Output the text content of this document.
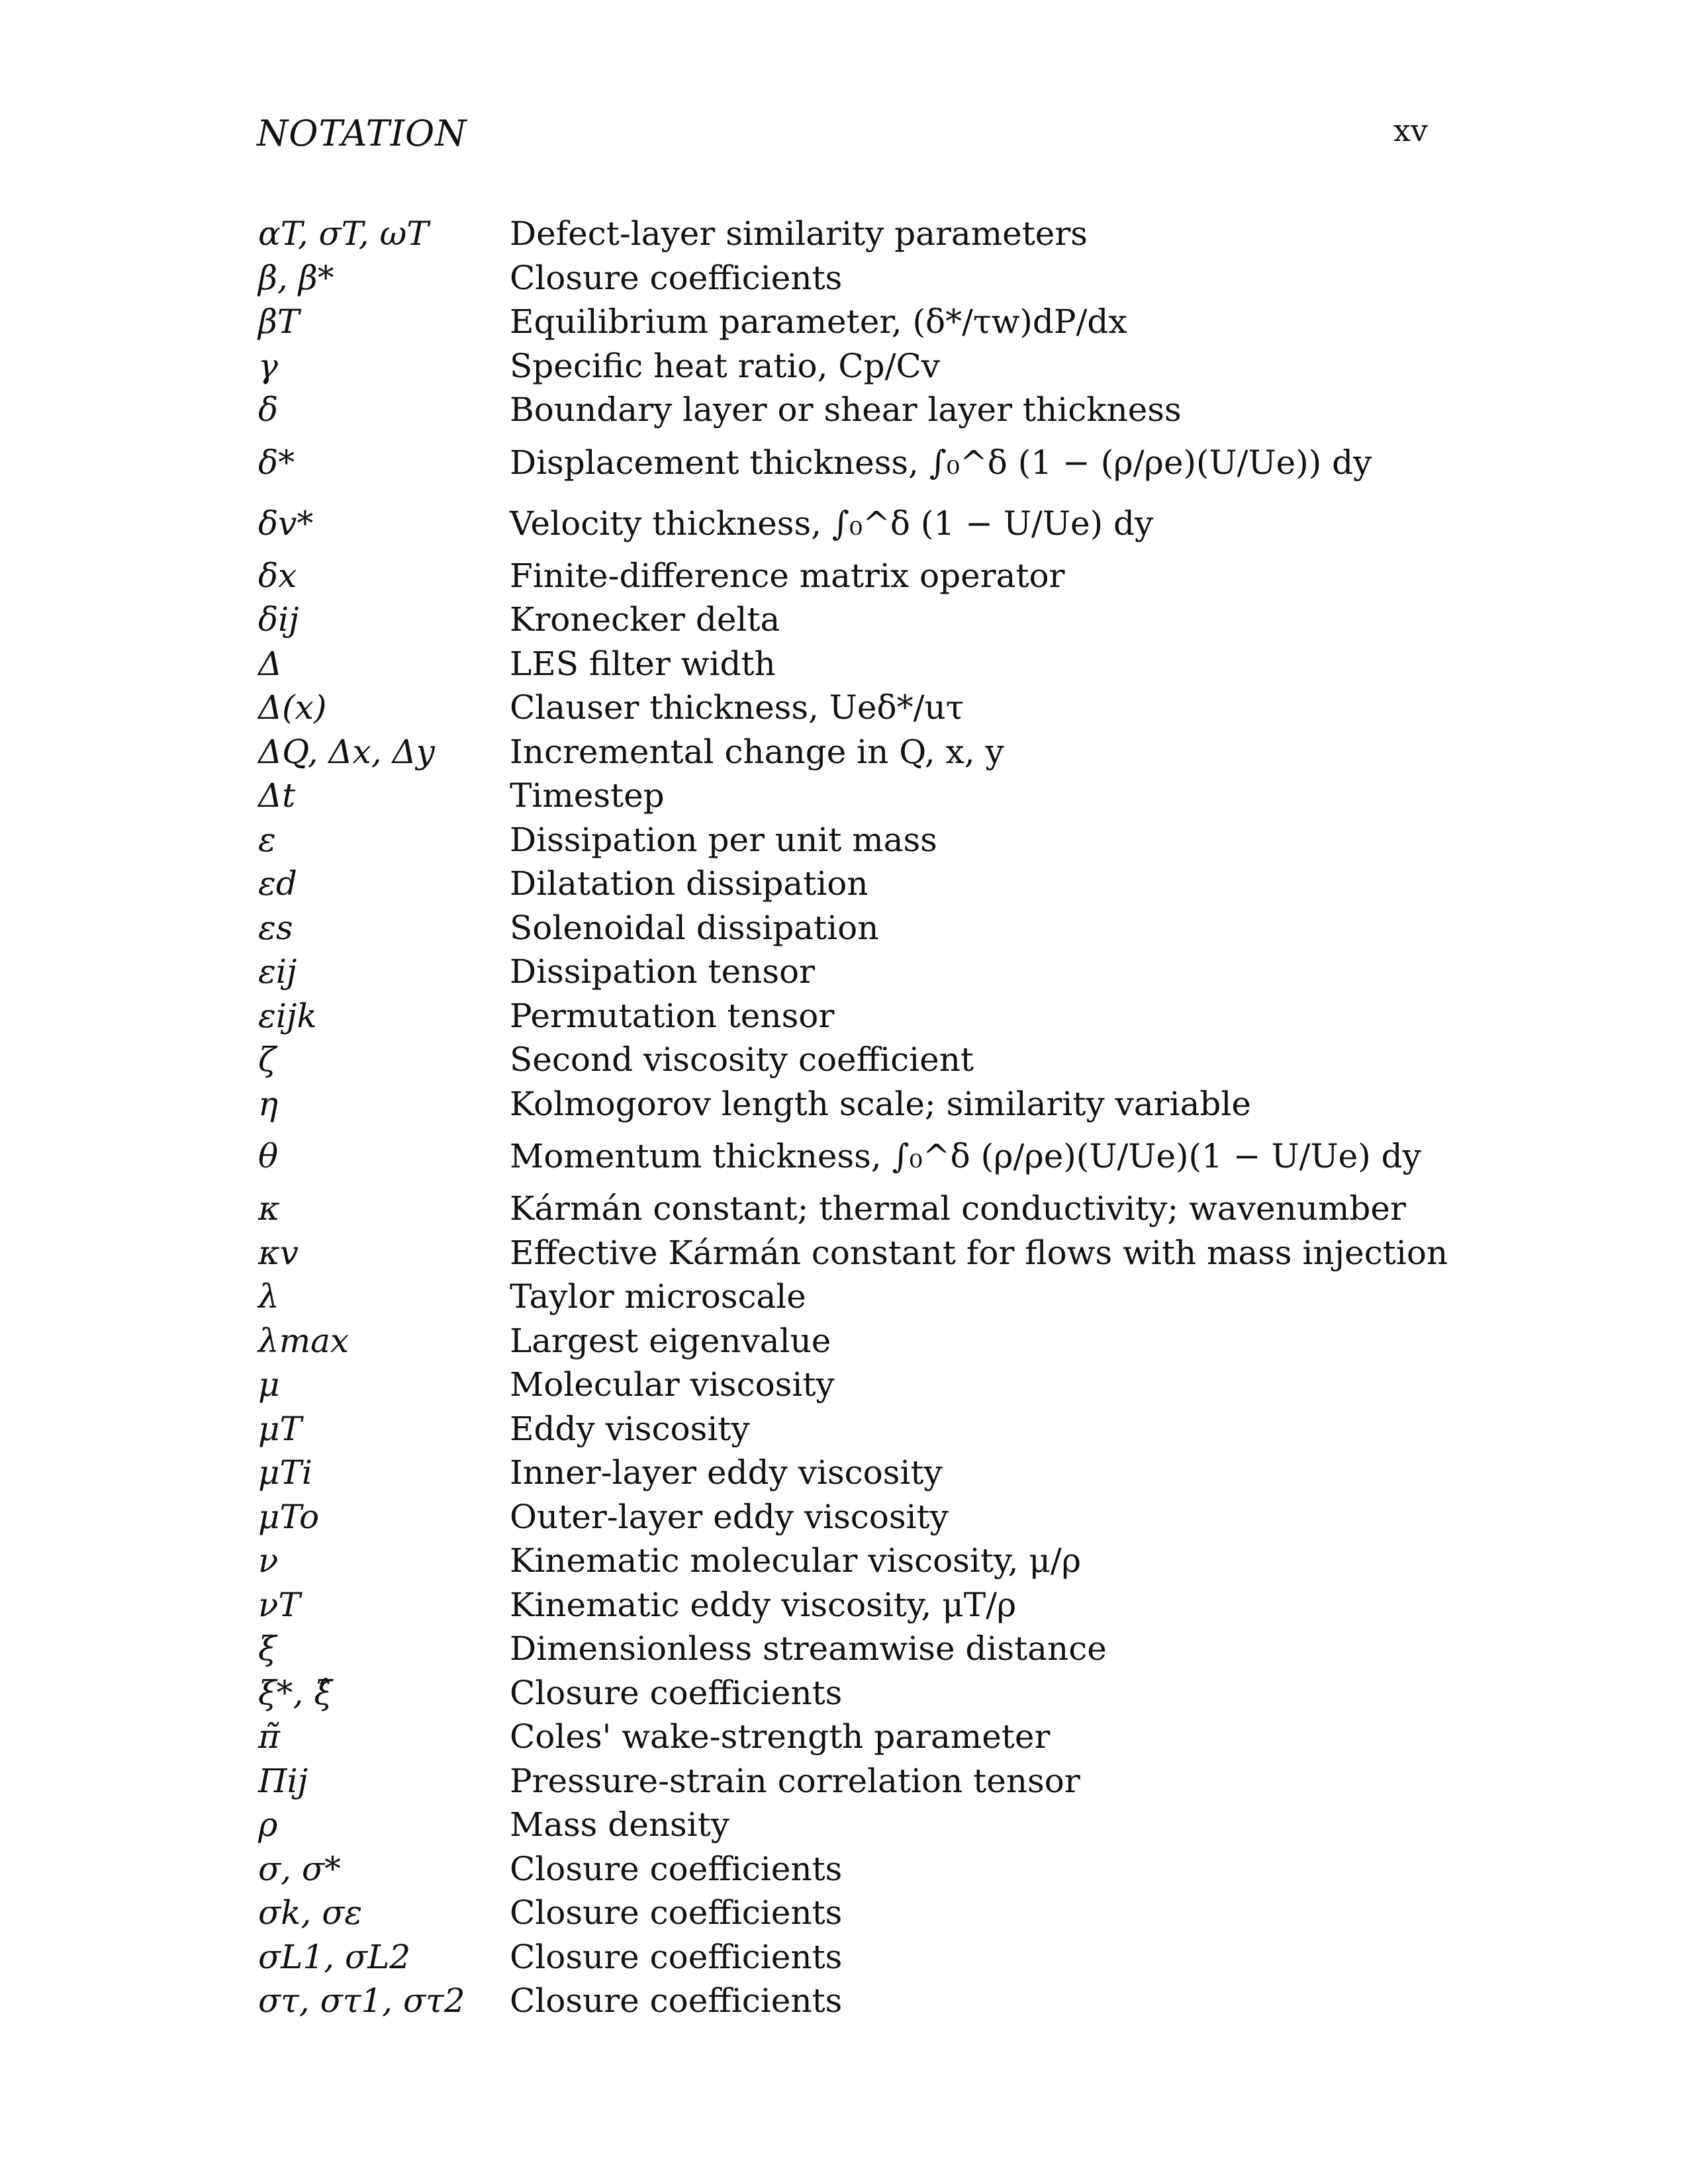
NOTATION	xv
αT, σT, ωT	Defect-layer similarity parameters
β, β*	Closure coefficients
βT	Equilibrium parameter, (δ*/τw)dP/dx
γ	Specific heat ratio, Cp/Cv
δ	Boundary layer or shear layer thickness
δ*	Displacement thickness, ∫₀^δ (1 − (ρ/ρe)(U/Ue)) dy
δv*	Velocity thickness, ∫₀^δ (1 − U/Ue) dy
δx	Finite-difference matrix operator
δij	Kronecker delta
Δ	LES filter width
Δ(x)	Clauser thickness, Ueδ*/uτ
ΔQ, Δx, Δy	Incremental change in Q, x, y
Δt	Timestep
ε	Dissipation per unit mass
εd	Dilatation dissipation
εs	Solenoidal dissipation
εij	Dissipation tensor
εijk	Permutation tensor
ζ	Second viscosity coefficient
η	Kolmogorov length scale; similarity variable
θ	Momentum thickness, ∫₀^δ (ρ/ρe)(U/Ue)(1 − U/Ue) dy
κ	Kármán constant; thermal conductivity; wavenumber
κv	Effective Kármán constant for flows with mass injection
λ	Taylor microscale
λmax	Largest eigenvalue
μ	Molecular viscosity
μT	Eddy viscosity
μTi	Inner-layer eddy viscosity
μTo	Outer-layer eddy viscosity
ν	Kinematic molecular viscosity, μ/ρ
νT	Kinematic eddy viscosity, μT/ρ
ξ	Dimensionless streamwise distance
ξ*, ξ̂	Closure coefficients
π̃	Coles' wake-strength parameter
Πij	Pressure-strain correlation tensor
ρ	Mass density
σ, σ*	Closure coefficients
σk, σε	Closure coefficients
σL1, σL2	Closure coefficients
στ, στ1, στ2	Closure coefficients
